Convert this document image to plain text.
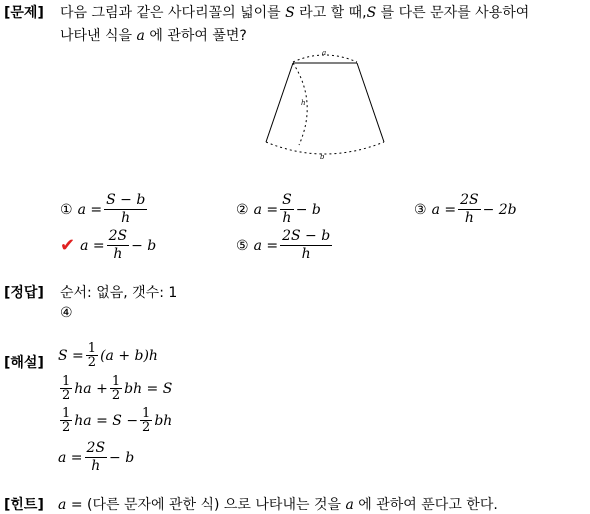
[문제] 다음 그림과 같은 사다리꼴의 넓이를 S 라고 할 때,S 를 다른 문자를 사용하여
나타낸 식을 a 에 관하여 풀면?
a
h
b
① $a = \frac{S - b}{h}$	② $a = \frac{S}{h} - b$	③ $a = \frac{2S}{h} - 2b$
✔ $a = \frac{2S}{h} - b$	⑤ $a = \frac{2S - b}{h}$
[정답] 순서: 없음, 갯수: 1
④
[해설] $S = \frac{1}{2} (a + b)h$
$\frac{1}{2}$ ha + $\frac{1}{2}$ bh = S
$\frac{1}{2}$ ha = $S - \frac{1}{2}$ bh
$a = \frac{2S}{h} - b$
[힌트] a = (다른 문자에 관한 식) 으로 나타내는 것을 a 에 관하여 푼다고 한다.
